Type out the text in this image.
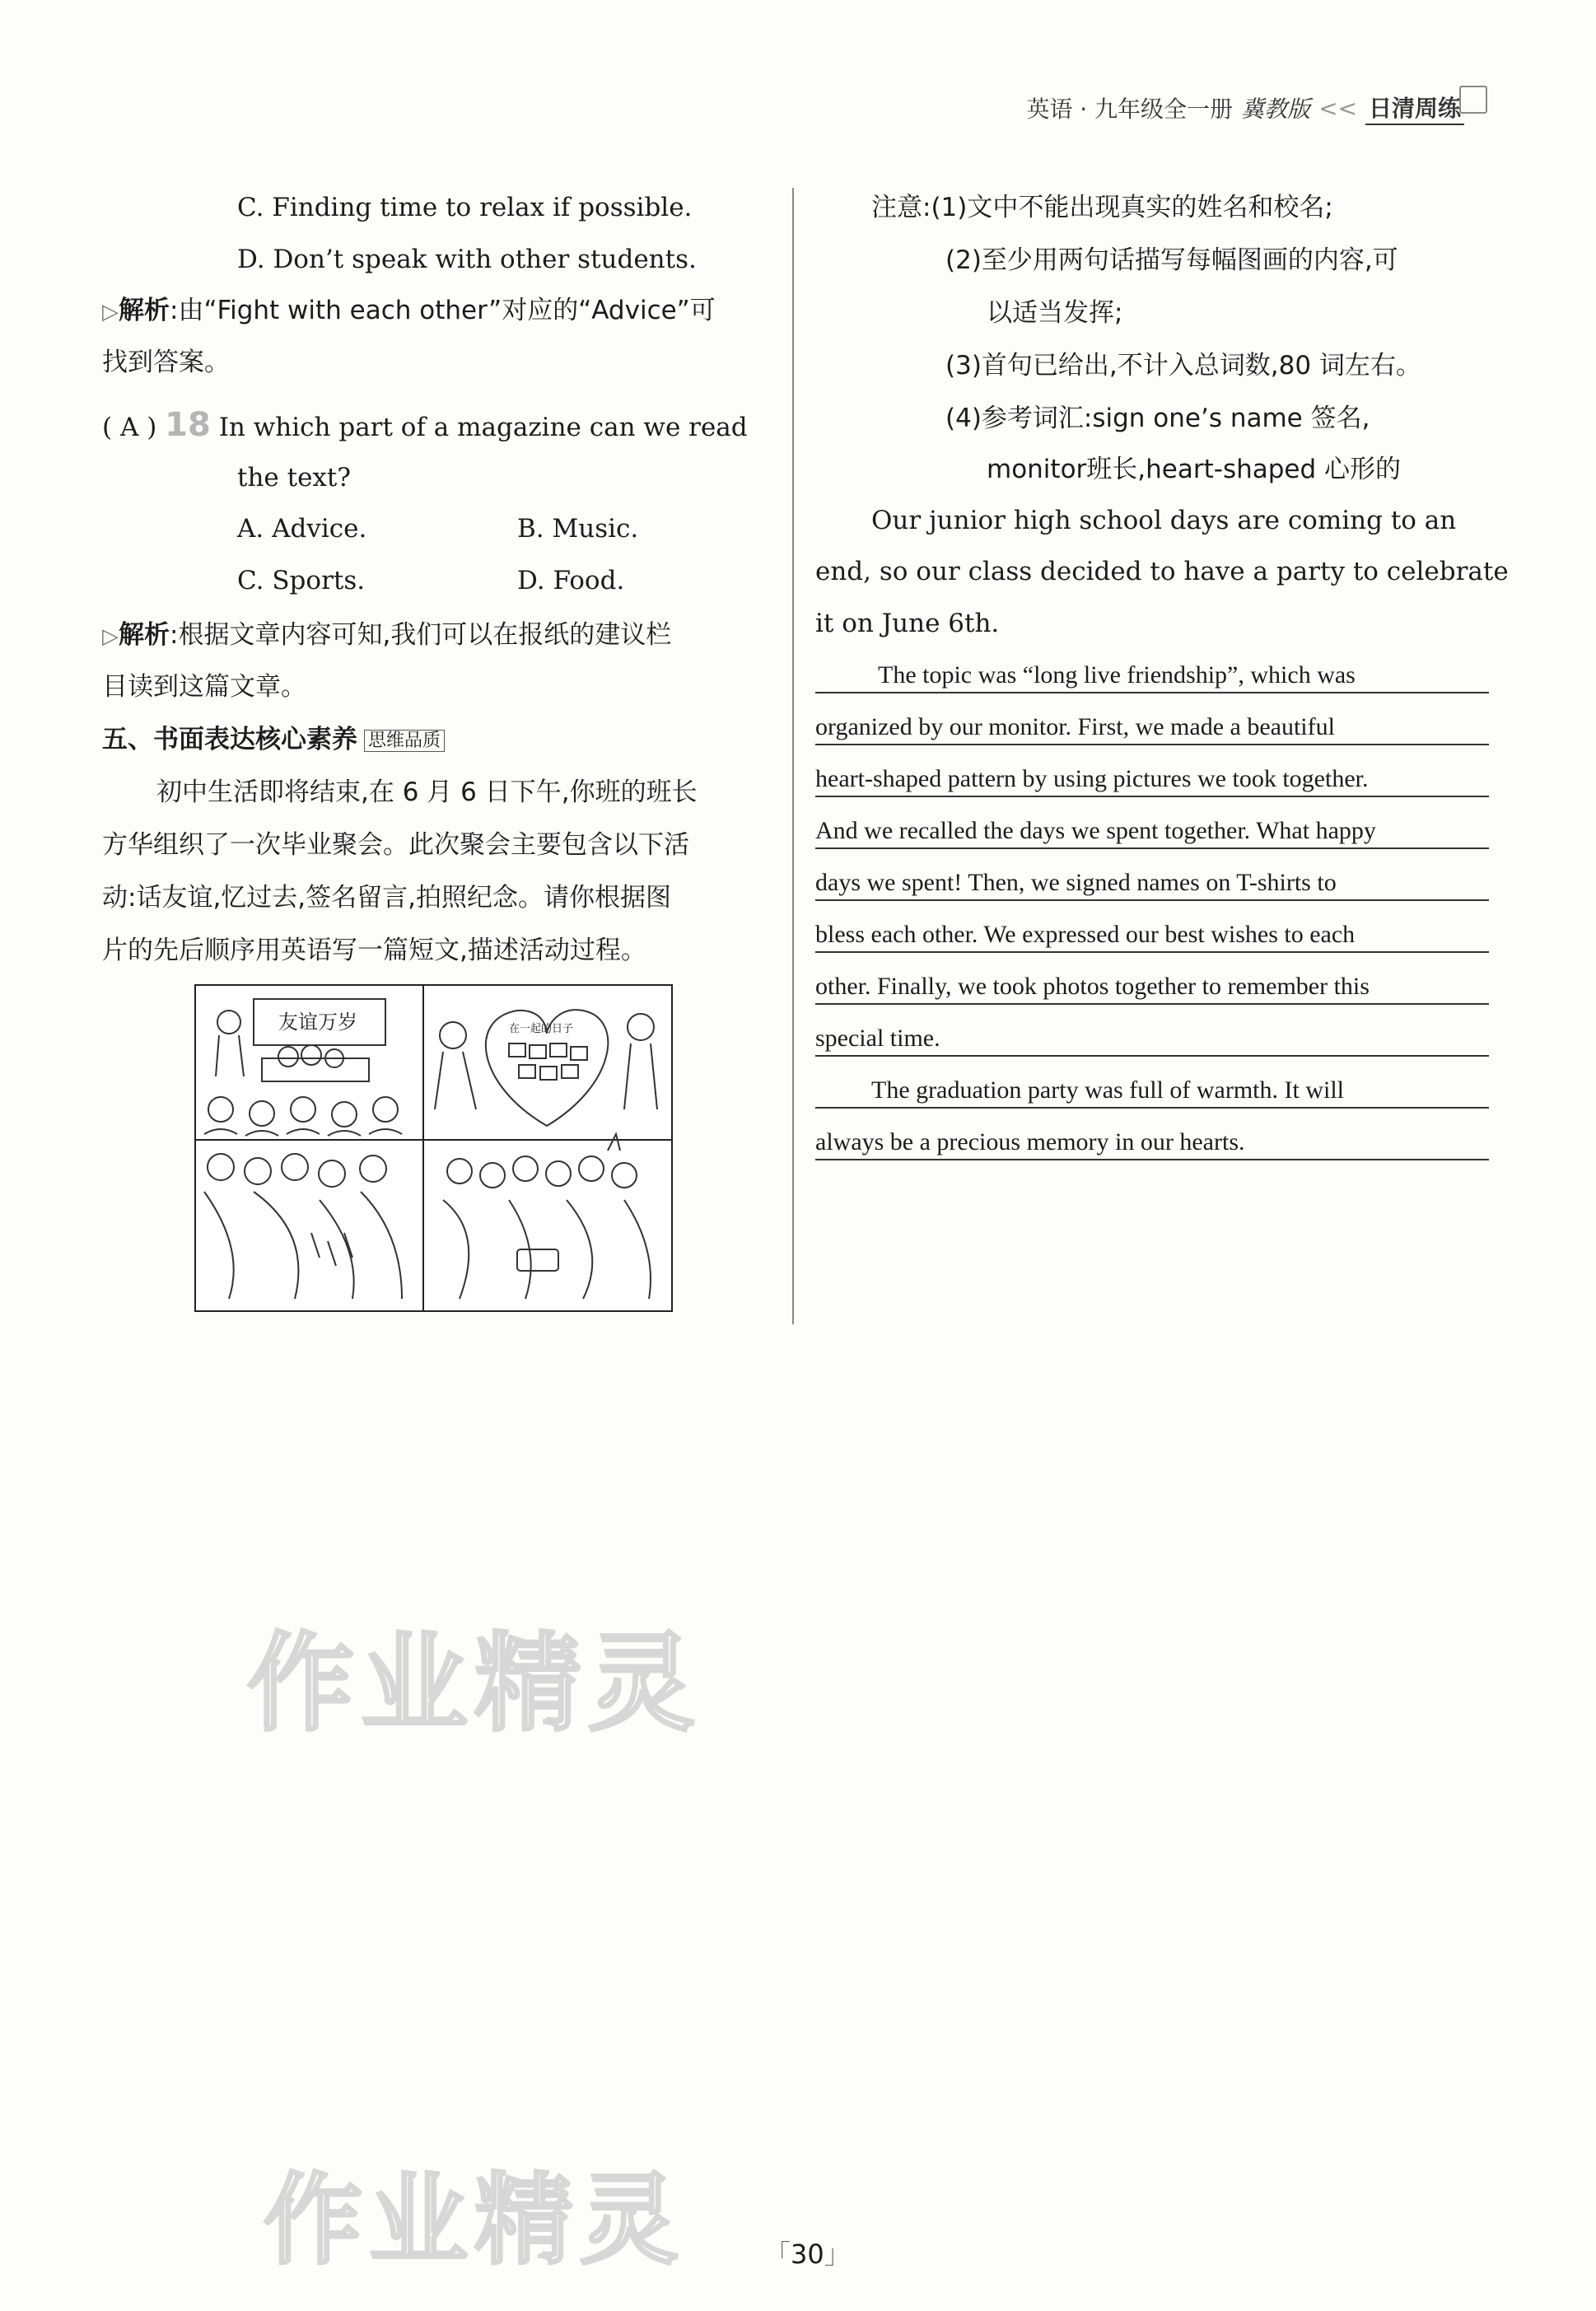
英语 · 九年级全一册 冀教版 << 日清周练
C. Finding time to relax if possible.
D. Don’t speak with other students.
▷解析:由“Fight with each other”对应的“Advice”可
找到答案。
( A ) 18 In which part of a magazine can we read
the text?
A. Advice.	B. Music.
C. Sports.	D. Food.
▷解析:根据文章内容可知,我们可以在报纸的建议栏
目读到这篇文章。
五、书面表达核心素养 思维品质
初中生活即将结束,在 6 月 6 日下午,你班的班长
方华组织了一次毕业聚会。此次聚会主要包含以下活
动:话友谊,忆过去,签名留言,拍照纪念。请你根据图
片的先后顺序用英语写一篇短文,描述活动过程。
友谊万岁	在一起的日子
注意:(1)文中不能出现真实的姓名和校名;
(2)至少用两句话描写每幅图画的内容,可
以适当发挥;
(3)首句已给出,不计入总词数,80 词左右。
(4)参考词汇:sign one’s name 签名,
monitor班长,heart-shaped 心形的
Our junior high school days are coming to an
end, so our class decided to have a party to celebrate
it on June 6th.
The topic was “long live friendship”, which was
organized by our monitor. First, we made a beautiful
heart-shaped pattern by using pictures we took together.
And we recalled the days we spent together. What happy
days we spent! Then, we signed names on T-shirts to
bless each other. We expressed our best wishes to each
other. Finally, we took photos together to remember this
special time.
The graduation party was full of warmth. It will
always be a precious memory in our hearts.
作业精灵
作业精灵	「30」
